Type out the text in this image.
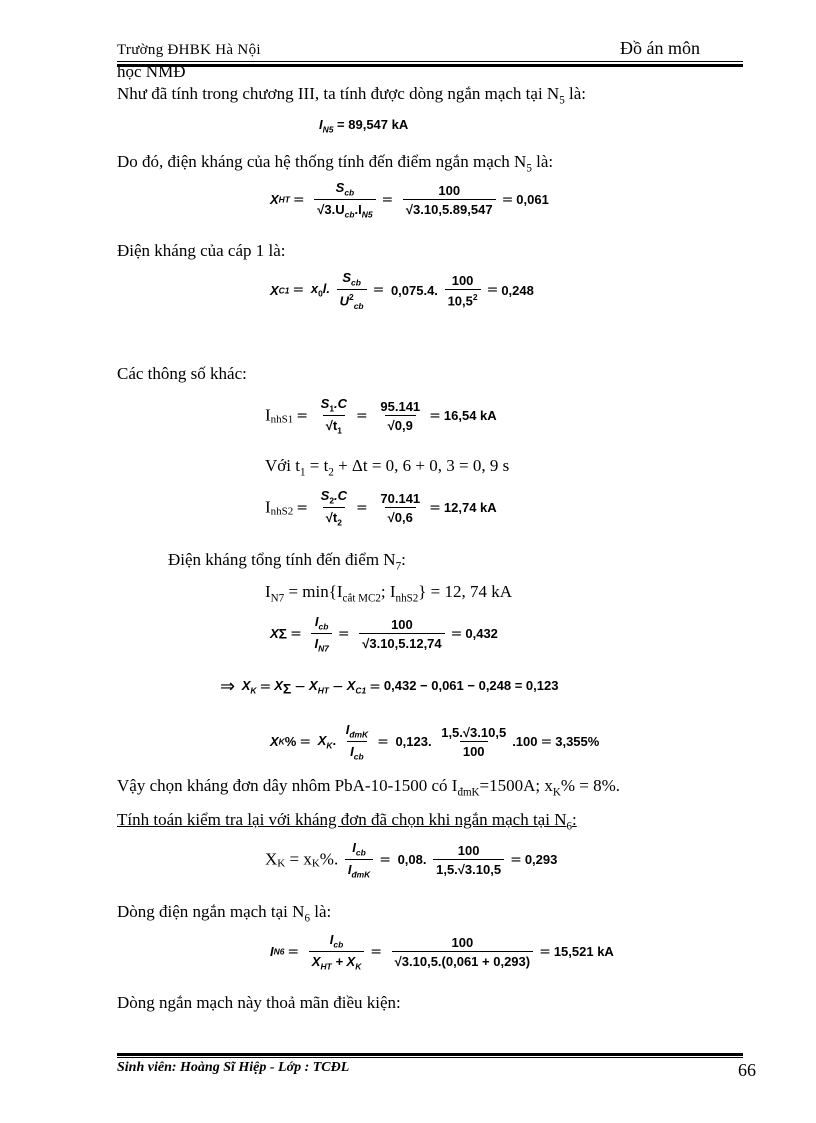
Trường ĐHBK Hà Nội	Đồ án môn
học NMĐ
Như đã tính trong chương III, ta tính được dòng ngắn mạch tại $N_5$ là:
$I_{N5} = 89,547$ kA
Do đó, điện kháng của hệ thống tính đến điểm ngắn mạch $N_5$ là:
XHT = $\frac{S_{cb}}{√3.U_{cb}.I_{N5}} = \frac{100}{√3.10,5.89,547} = 0,061$
Điện kháng của cáp 1 là:
$XC1 = x_0l$. $\frac{S_{cb}}{U^2_{cb}} = 0,075.4$. $\frac{100}{10,5^2} = 0,248$
Các thông số khác:
$I_{nhS1} = \frac{S_1.C}{√t_1} = \frac{95.141}{√0,9} = 16,54$ kA
Với $t_1 = t_2 + \Delta t = 0$, 6 + 0, 3 = 0, 9 s
$I_{nhS2} = \frac{S_2.C}{√t_2} = \frac{70.141}{√0,6} = 12,74$ kA
Điện kháng tổng tính đến điểm $N_7$:
$I_{N7} = \min\{I_{cắt MC2}$; $I_{nhS2}\} = 12$, 74 kA
$X\Sigma = \frac{I_{cb}}{I_{N7}} = \frac{100}{√3.10,5.12,74} = 0,432$
⇒ $X_K = X_\Sigma - X_{HT} - X_{C1} = 0,432 - 0,061 - 0,248 = 0,123$
$XK\% = X_K$. $\frac{I_{đmK}}{I_{cb}} = 0,123$. $\frac{1,5.√3.10,5}{100} .100 = 3,355\%$
Vậy chọn kháng đơn dây nhôm PbA-10-1500 có $I_{đmK}=1500A$; $x_K\% = 8\%$.
Tính toán kiểm tra lại với kháng đơn đã chọn khi ngắn mạch tại $N_6$:
$X_K = x_K\%$. $\frac{I_{cb}}{I_{đmK}} = 0,08$. $\frac{100}{1,5.√3.10,5} = 0,293$
Dòng điện ngắn mạch tại $N_6$ là:
$IN6 = \frac{I_{cb}}{X_{HT} + X_K} = \frac{100}{√3.10,5.(0,061 + 0,293)} = 15,521$ kA
Dòng ngắn mạch này thoả mãn điều kiện:
Sinh viên: Hoàng Sĩ Hiệp - Lớp : TCĐL	66
